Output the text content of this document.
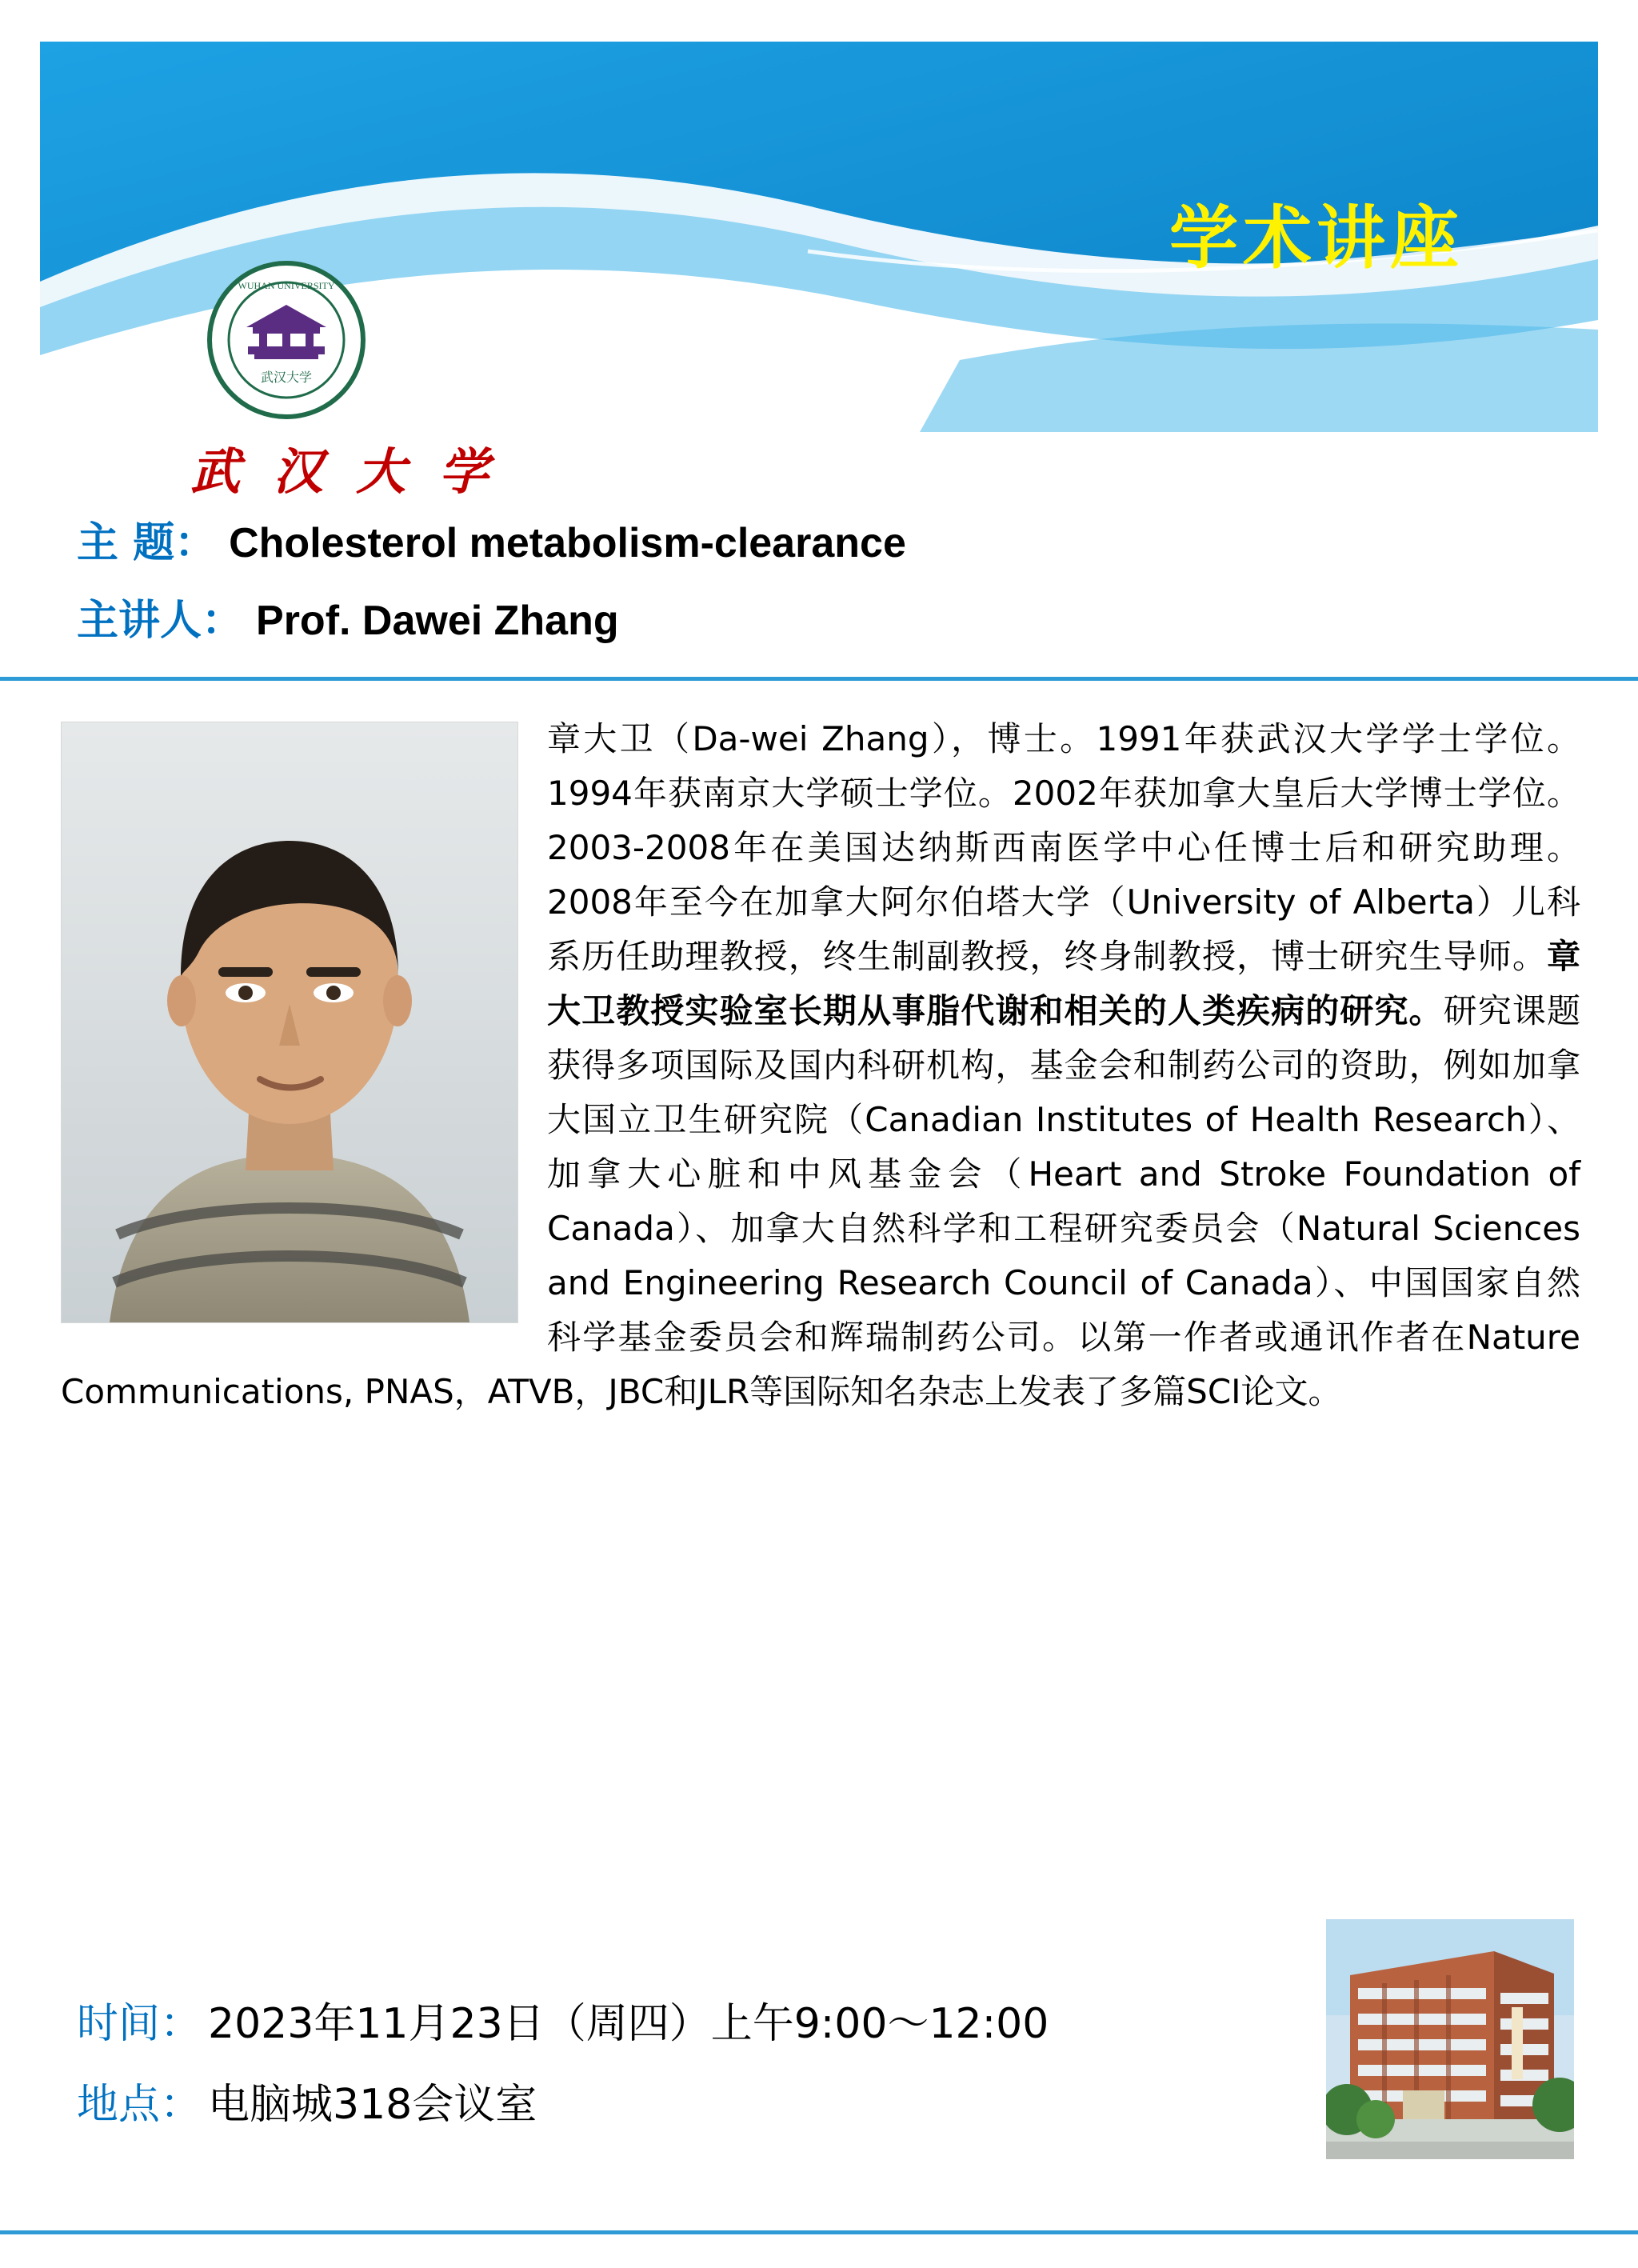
学术讲座
WUHAN UNIVERSITY
武汉大学
武 汉 大 学
主 题： Cholesterol metabolism-clearance
主讲人： Prof. Dawei Zhang
章大卫（Da-wei Zhang），博士。1991年获武汉大学学士学位。1994年获南京大学硕士学位。2002年获加拿大皇后大学博士学位。2003-2008年在美国达纳斯西南医学中心任博士后和研究助理。2008年至今在加拿大阿尔伯塔大学（University of Alberta）儿科系历任助理教授，终生制副教授，终身制教授，博士研究生导师。章大卫教授实验室长期从事脂代谢和相关的人类疾病的研究。研究课题获得多项国际及国内科研机构，基金会和制药公司的资助，例如加拿大国立卫生研究院（Canadian Institutes of Health Research）、加拿大心脏和中风基金会（Heart and Stroke Foundation of Canada）、加拿大自然科学和工程研究委员会（Natural Sciences and Engineering Research Council of Canada）、中国国家自然科学基金委员会和辉瑞制药公司。以第一作者或通讯作者在Nature Communications, PNAS，ATVB，JBC和JLR等国际知名杂志上发表了多篇SCI论文。
时间： 2023年11月23日（周四）上午9:00～12:00
地点： 电脑城318会议室
